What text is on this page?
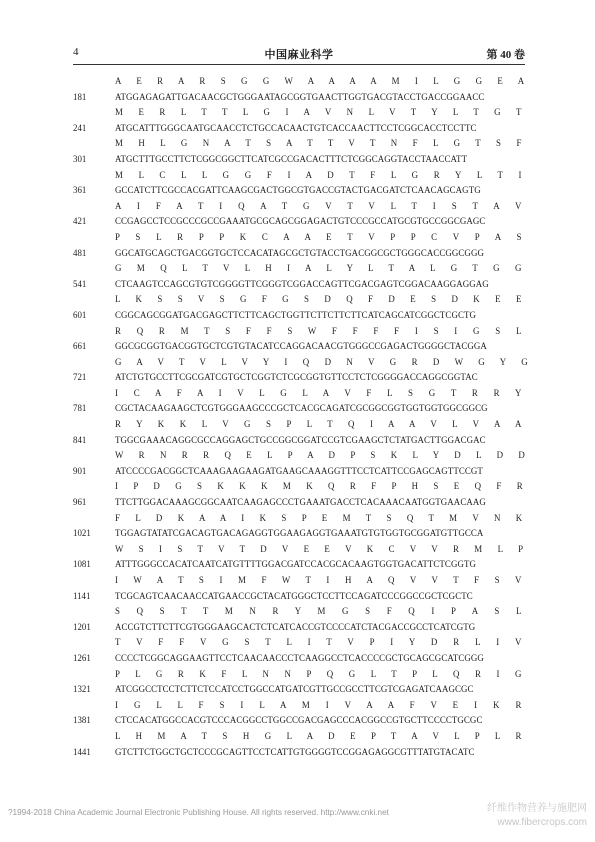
4	中国麻业科学	第 40 卷
A E R A R S G G W A A A A M I L G G E A
181	ATGGAGAGATTGACAACGCTGGGAATAGCGGTGAACTTGGTGACGTACCTGACCGGAACC
M E R L T T L G I A V N L V T Y L T G T
241	ATGCATTTGGGCAATGCAACCTCTGCCACAACTGTCACCAACTTCCTCGGCACCTCCTTC
M H L G N A T S A T T V T N F L G T S F
301	ATGCTTTGCCTTCTCGGCGGCTTCATCGCCGACACTTTCTCGGCAGGTACCTAACCATT
M L C L L G G F I A D T F L G R Y L T I
361	GCCATCTTCGCCACGATTCAAGCGACTGGCGTGACCGTACTGACGATCTCAACAGCAGTG
A I F A T I Q A T G V T V L T I S T A V
421	CCGAGCCTCCGCCCGCCGAAATGCGCAGCGGAGACTGTCCCGCCATGCGTGCCGGCGAGC
P S L R P P K C A A E T V P P C V P A S
481	GGCATGCAGCTGACGGTGCTCCACATAGCGCTGTACCTGACGGCGCTGGGCACCGGCGGG
G M Q L T V L H I A L Y L T A L G T G G
541	CTCAAGTCCAGCGTGTCGGGGTTCGGGTCGGACCAGTTCGACGAGTCGGACAAGGAGGAG
L K S S V S G F G S D Q F D E S D K E E
601	CGGCAGCGGATGACGAGCTTCTTCAGCTGGTTCTTCTTCTTCATCAGCATCGGCTCGCTG
R Q R M T S F F S W F F F F I S I G S L
661	GGCGCGGTGACGGTGCTCGTGTACATCCAGGACAACGTGGGCCGAGACTGGGGCTACGGA
G A V T V L V Y I Q D N V G R D W G Y G
721	ATCTGTGCCTTCGCGATCGTGCTCGGTCTCGCGGTGTTCCTCTCGGGGACCAGGCGGTAC
I C A F A I V L G L A V F L S G T R R Y
781	CGCTACAAGAAGCTCGTGGGAAGCCCGCTCACGCAGATCGCGGCGGTGGTGGTGGCGGCG
R Y K K L V G S P L T Q I A A V L V A A
841	TGGCGAAACAGGCGCCAGGAGCTGCCGGCGGATCCGTCGAAGCTCTATGACTTGGACGAC
W R N R R Q E L P A D P S K L Y D L D D
901	ATCCCCGACGGCTCAAAGAAGAAGATGAAGCAAAGGTTTCCTCATTCCGAGCAGTTCCGT
I P D G S K K K M K Q R F P H S E Q F R
961	TTCTTGGACAAAGCGGCAATCAAGAGCCCTGAAATGACCTCACAAACAATGGTGAACAAG
F L D K A A I K S P E M T S Q T M V N K
1021	TGGAGTATATCGACAGTGACAGAGGTGGAAGAGGTGAAATGTGTGGTGCGGATGTTGCCA
W S I S T V T D V E E V K C V V R M L P
1081	ATTTGGGCCACATCAATCATGTTTTGGACGATCCACGCACAAGTGGTGACATTCTCGGTG
I W A T S I M F W T I H A Q V V T F S V
1141	TCGCAGTCAACAACCATGAACCGCTACATGGGCTCCTTCCAGATCCCGGCCGCTCGCTC
S Q S T T M N R Y M G S F Q I P A S L
1201	ACCGTCTTCTTCGTGGGAAGCACTCTCATCACCGTCCCCATCTACGACCGCCTCATCGTG
T V F F V G S T L I T V P I Y D R L I V
1261	CCCCTCGGCAGGAAGTTCCTCAACAACCCTCAAGGCCTCACCCCGCTGCAGCGCATCGGG
P L G R K F L N N P Q G L T P L Q R I G
1321	ATCGGCCTCCTCTTCTCCATCCTGGCCATGATCGTTGCCGCCTTCGTCGAGATCAAGCGC
I G L L F S I L A M I V A A F V E I K R
1381	CTCCACATGGCCACGTCCCACGGCCTGGCCGACGAGCCCACGGCCGTGCTTCCCCTGCGC
L H M A T S H G L A D E P T A V L P L R
1441	GTCTTCTGGCTGCTCCCGCAGTTCCTCATTGTGGGGTCCGGAGAGGCGTTTATGTACATC
?1994-2018 China Academic Journal Electronic Publishing House. All rights reserved. http://www.cnki.net	纤维作物营养与施肥网
www.fibercrops.com
